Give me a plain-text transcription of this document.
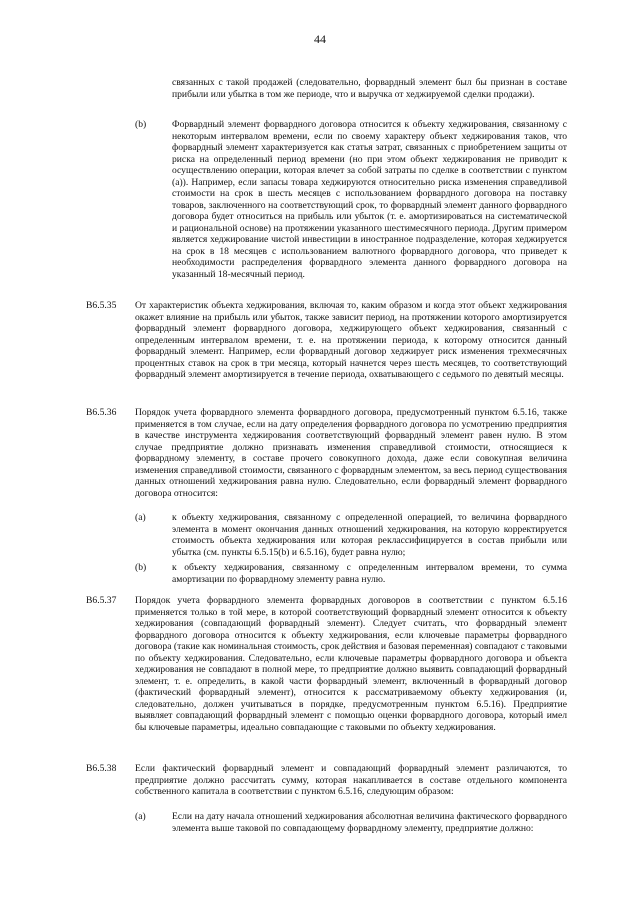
44
связанных с такой продажей (следовательно, форвардный элемент был бы признан в составе прибыли или убытка в том же периоде, что и выручка от хеджируемой сделки продажи).
(b)	Форвардный элемент форвардного договора относится к объекту хеджирования, связанному с некоторым интервалом времени, если по своему характеру объект хеджирования таков, что форвардный элемент характеризуется как статья затрат, связанных с приобретением защиты от риска на определенный период времени (но при этом объект хеджирования не приводит к осуществлению операции, которая влечет за собой затраты по сделке в соответствии с пунктом (a)). Например, если запасы товара хеджируются относительно риска изменения справедливой стоимости на срок в шесть месяцев с использованием форвардного договора на поставку товаров, заключенного на соответствующий срок, то форвардный элемент данного форвардного договора будет относиться на прибыль или убыток (т. е. амортизироваться на систематической и рациональной основе) на протяжении указанного шестимесячного периода. Другим примером является хеджирование чистой инвестиции в иностранное подразделение, которая хеджируется на срок в 18 месяцев с использованием валютного форвардного договора, что приведет к необходимости распределения форвардного элемента данного форвардного договора на указанный 18-месячный период.
B6.5.35 От характеристик объекта хеджирования, включая то, каким образом и когда этот объект хеджирования окажет влияние на прибыль или убыток, также зависит период, на протяжении которого амортизируется форвардный элемент форвардного договора, хеджирующего объект хеджирования, связанный с определенным интервалом времени, т. е. на протяжении периода, к которому относится данный форвардный элемент. Например, если форвардный договор хеджирует риск изменения трехмесячных процентных ставок на срок в три месяца, который начнется через шесть месяцев, то соответствующий форвардный элемент амортизируется в течение периода, охватывающего с седьмого по девятый месяцы.
B6.5.36 Порядок учета форвардного элемента форвардного договора, предусмотренный пунктом 6.5.16, также применяется в том случае, если на дату определения форвардного договора по усмотрению предприятия в качестве инструмента хеджирования соответствующий форвардный элемент равен нулю. В этом случае предприятие должно признавать изменения справедливой стоимости, относящиеся к форвардному элементу, в составе прочего совокупного дохода, даже если совокупная величина изменения справедливой стоимости, связанного с форвардным элементом, за весь период существования данных отношений хеджирования равна нулю. Следовательно, если форвардный элемент форвардного договора относится:
(a)	к объекту хеджирования, связанному с определенной операцией, то величина форвардного элемента в момент окончания данных отношений хеджирования, на которую корректируется стоимость объекта хеджирования или которая реклассифицируется в состав прибыли или убытка (см. пункты 6.5.15(b) и 6.5.16), будет равна нулю;
(b)	к объекту хеджирования, связанному с определенным интервалом времени, то сумма амортизации по форвардному элементу равна нулю.
B6.5.37 Порядок учета форвардного элемента форвардных договоров в соответствии с пунктом 6.5.16 применяется только в той мере, в которой соответствующий форвардный элемент относится к объекту хеджирования (совпадающий форвардный элемент). Следует считать, что форвардный элемент форвардного договора относится к объекту хеджирования, если ключевые параметры форвардного договора (такие как номинальная стоимость, срок действия и базовая переменная) совпадают с таковыми по объекту хеджирования. Следовательно, если ключевые параметры форвардного договора и объекта хеджирования не совпадают в полной мере, то предприятие должно выявить совпадающий форвардный элемент, т. е. определить, в какой части форвардный элемент, включенный в форвардный договор (фактический форвардный элемент), относится к рассматриваемому объекту хеджирования (и, следовательно, должен учитываться в порядке, предусмотренным пунктом 6.5.16). Предприятие выявляет совпадающий форвардный элемент с помощью оценки форвардного договора, который имел бы ключевые параметры, идеально совпадающие с таковыми по объекту хеджирования.
B6.5.38 Если фактический форвардный элемент и совпадающий форвардный элемент различаются, то предприятие должно рассчитать сумму, которая накапливается в составе отдельного компонента собственного капитала в соответствии с пунктом 6.5.16, следующим образом:
(a)	Если на дату начала отношений хеджирования абсолютная величина фактического форвардного элемента выше таковой по совпадающему форвардному элементу, предприятие должно:
